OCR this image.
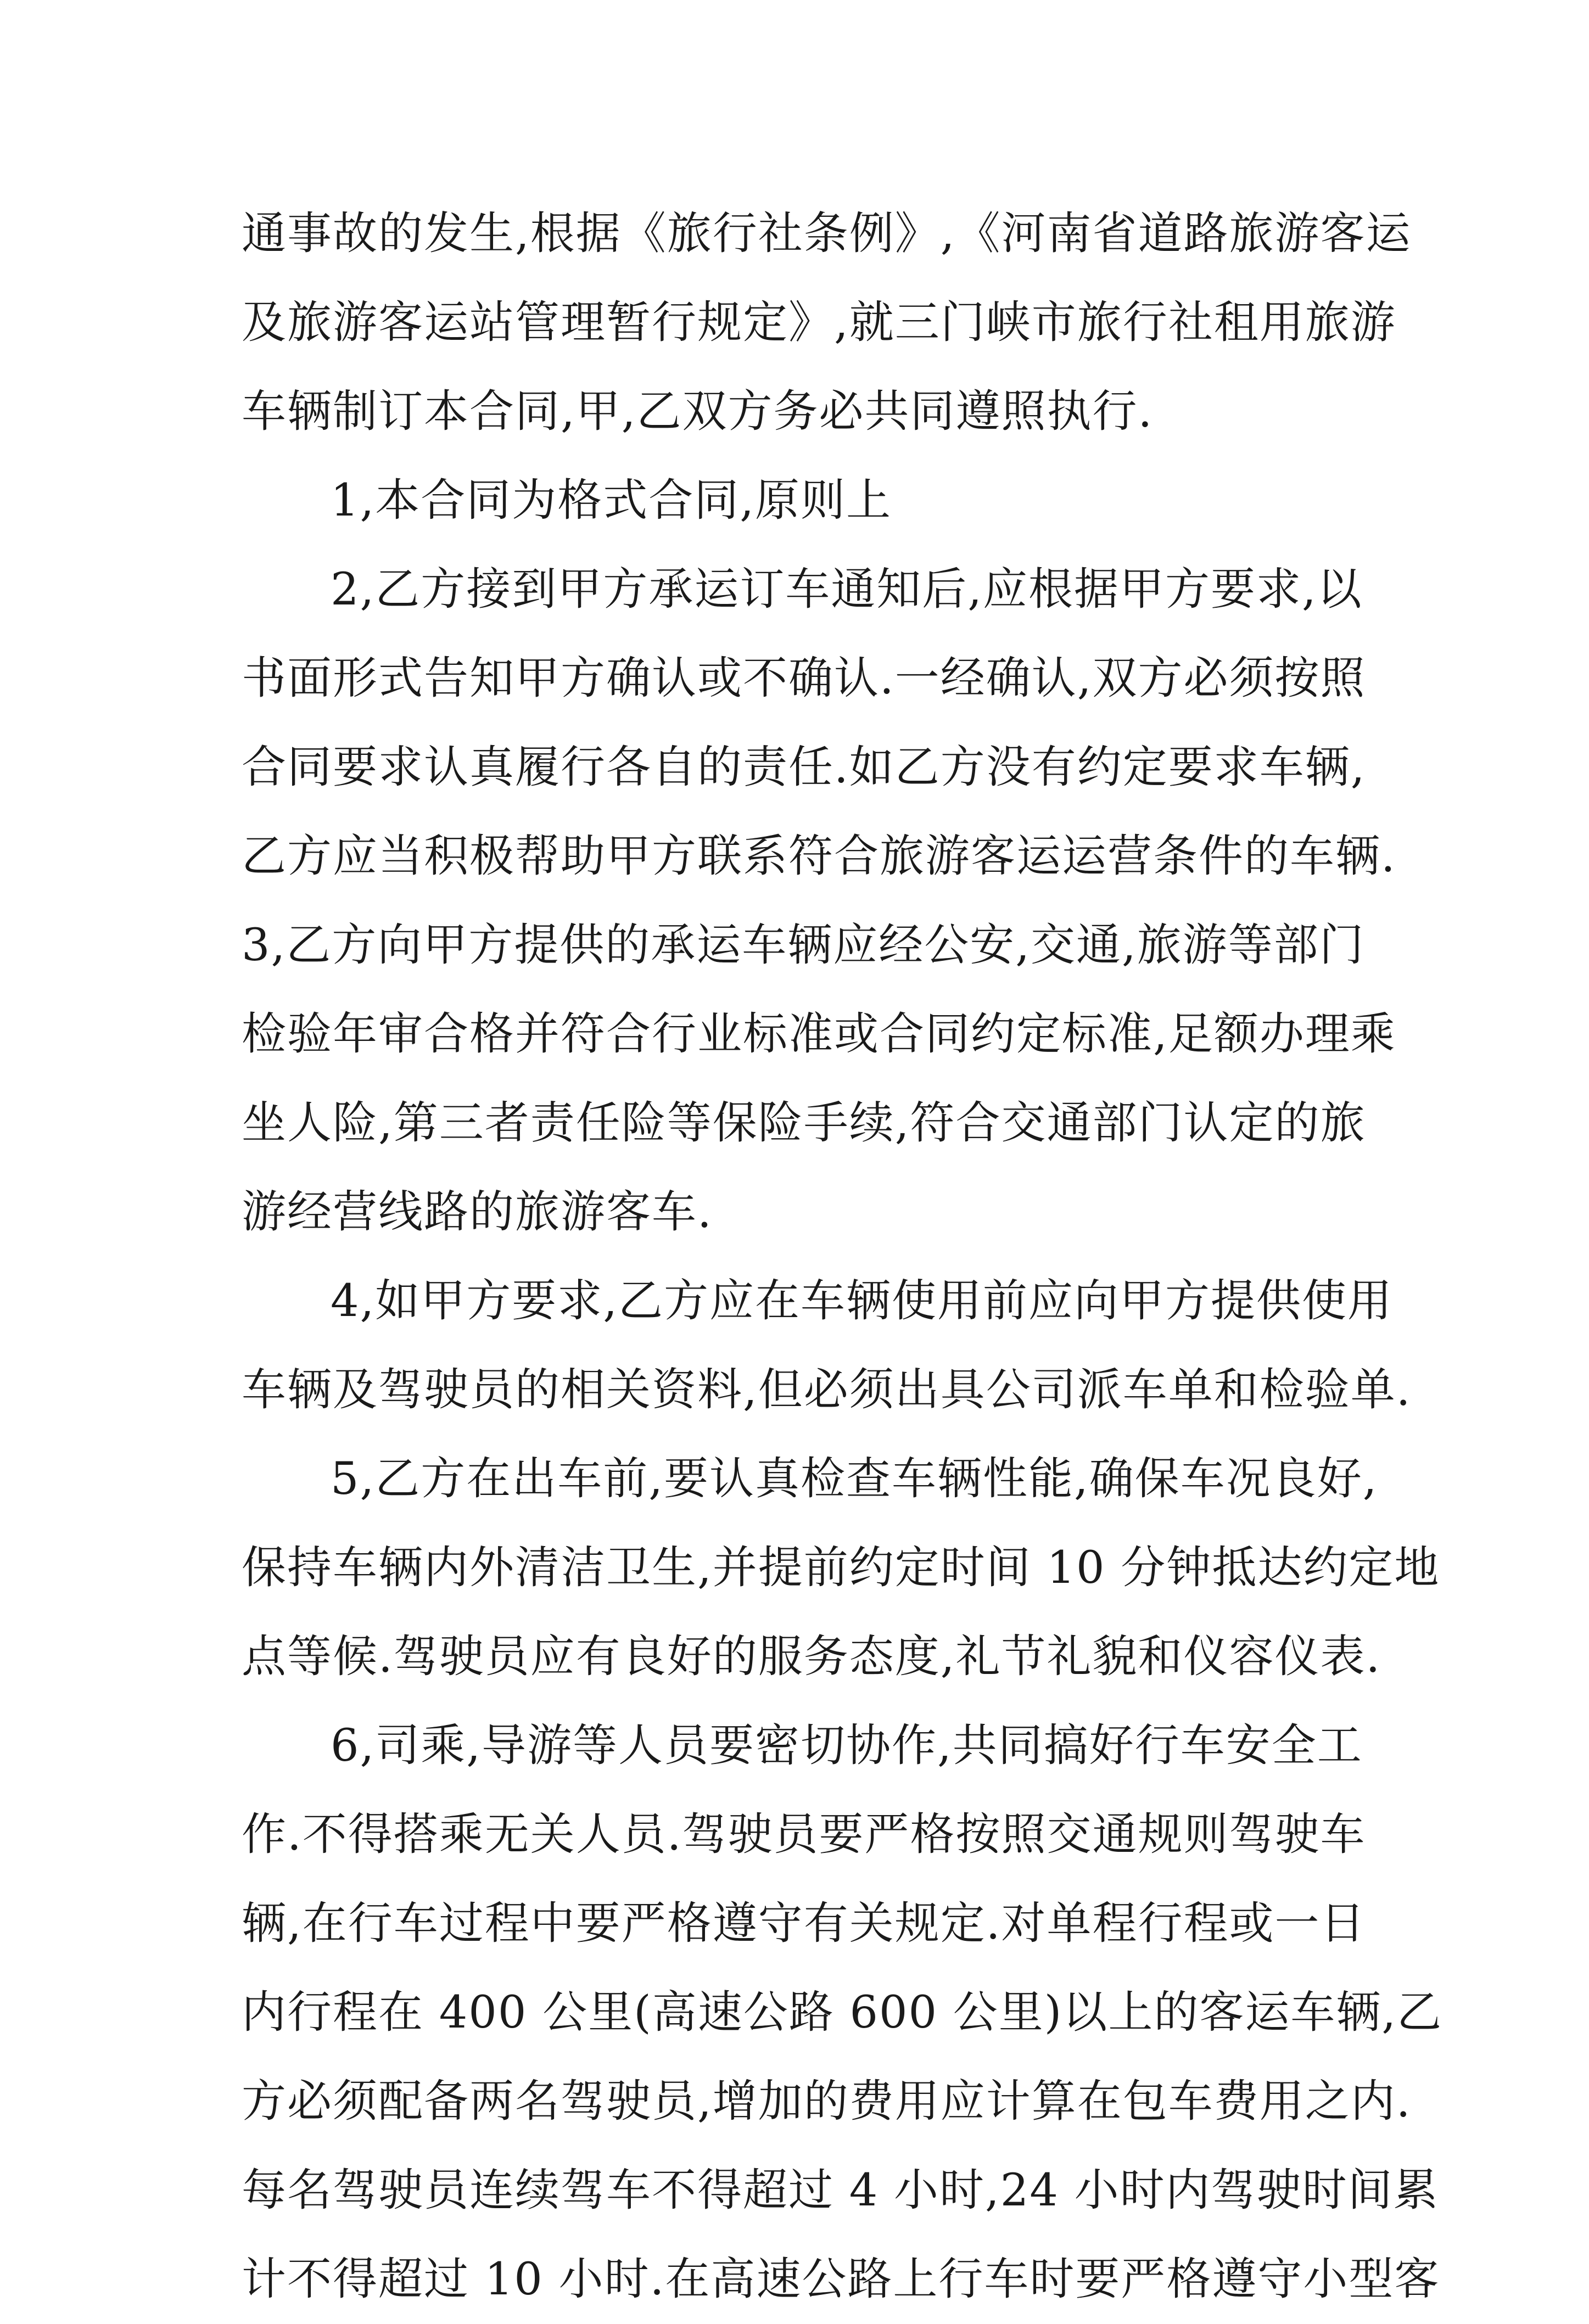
通事故的发生,根据《旅行社条例》,《河南省道路旅游客运
及旅游客运站管理暂行规定》,就三门峡市旅行社租用旅游
车辆制订本合同,甲,乙双方务必共同遵照执行.
1,本合同为格式合同,原则上
2,乙方接到甲方承运订车通知后,应根据甲方要求,以
书面形式告知甲方确认或不确认.一经确认,双方必须按照
合同要求认真履行各自的责任.如乙方没有约定要求车辆,
乙方应当积极帮助甲方联系符合旅游客运运营条件的车辆.
3,乙方向甲方提供的承运车辆应经公安,交通,旅游等部门
检验年审合格并符合行业标准或合同约定标准,足额办理乘
坐人险,第三者责任险等保险手续,符合交通部门认定的旅
游经营线路的旅游客车.
4,如甲方要求,乙方应在车辆使用前应向甲方提供使用
车辆及驾驶员的相关资料,但必须出具公司派车单和检验单.
5,乙方在出车前,要认真检查车辆性能,确保车况良好,
保持车辆内外清洁卫生,并提前约定时间 10 分钟抵达约定地
点等候.驾驶员应有良好的服务态度,礼节礼貌和仪容仪表.
6,司乘,导游等人员要密切协作,共同搞好行车安全工
作.不得搭乘无关人员.驾驶员要严格按照交通规则驾驶车
辆,在行车过程中要严格遵守有关规定.对单程行程或一日
内行程在 400 公里(高速公路 600 公里)以上的客运车辆,乙
方必须配备两名驾驶员,增加的费用应计算在包车费用之内.
每名驾驶员连续驾车不得超过 4 小时,24 小时内驾驶时间累
计不得超过 10 小时.在高速公路上行车时要严格遵守小型客
